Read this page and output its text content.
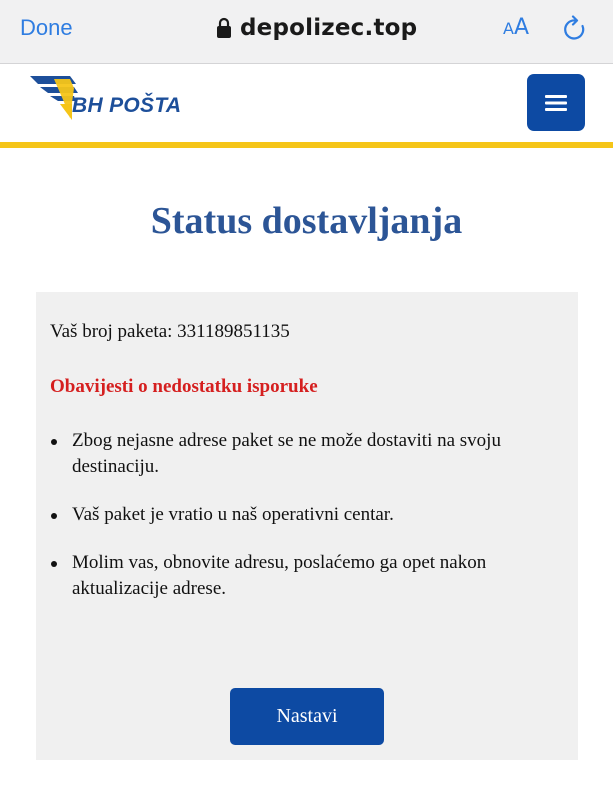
Done	depolizec.top	AA
BH POŠTA
Status dostavljanja

Vaš broj paketa: 331189851135

Obavijesti o nedostatku isporuke

Zbog nejasne adrese paket se ne može dostaviti na svoju destinaciju.
Vaš paket je vratio u naš operativni centar.
Molim vas, obnovite adresu, poslaćemo ga opet nakon aktualizacije adrese.
Nastavi
